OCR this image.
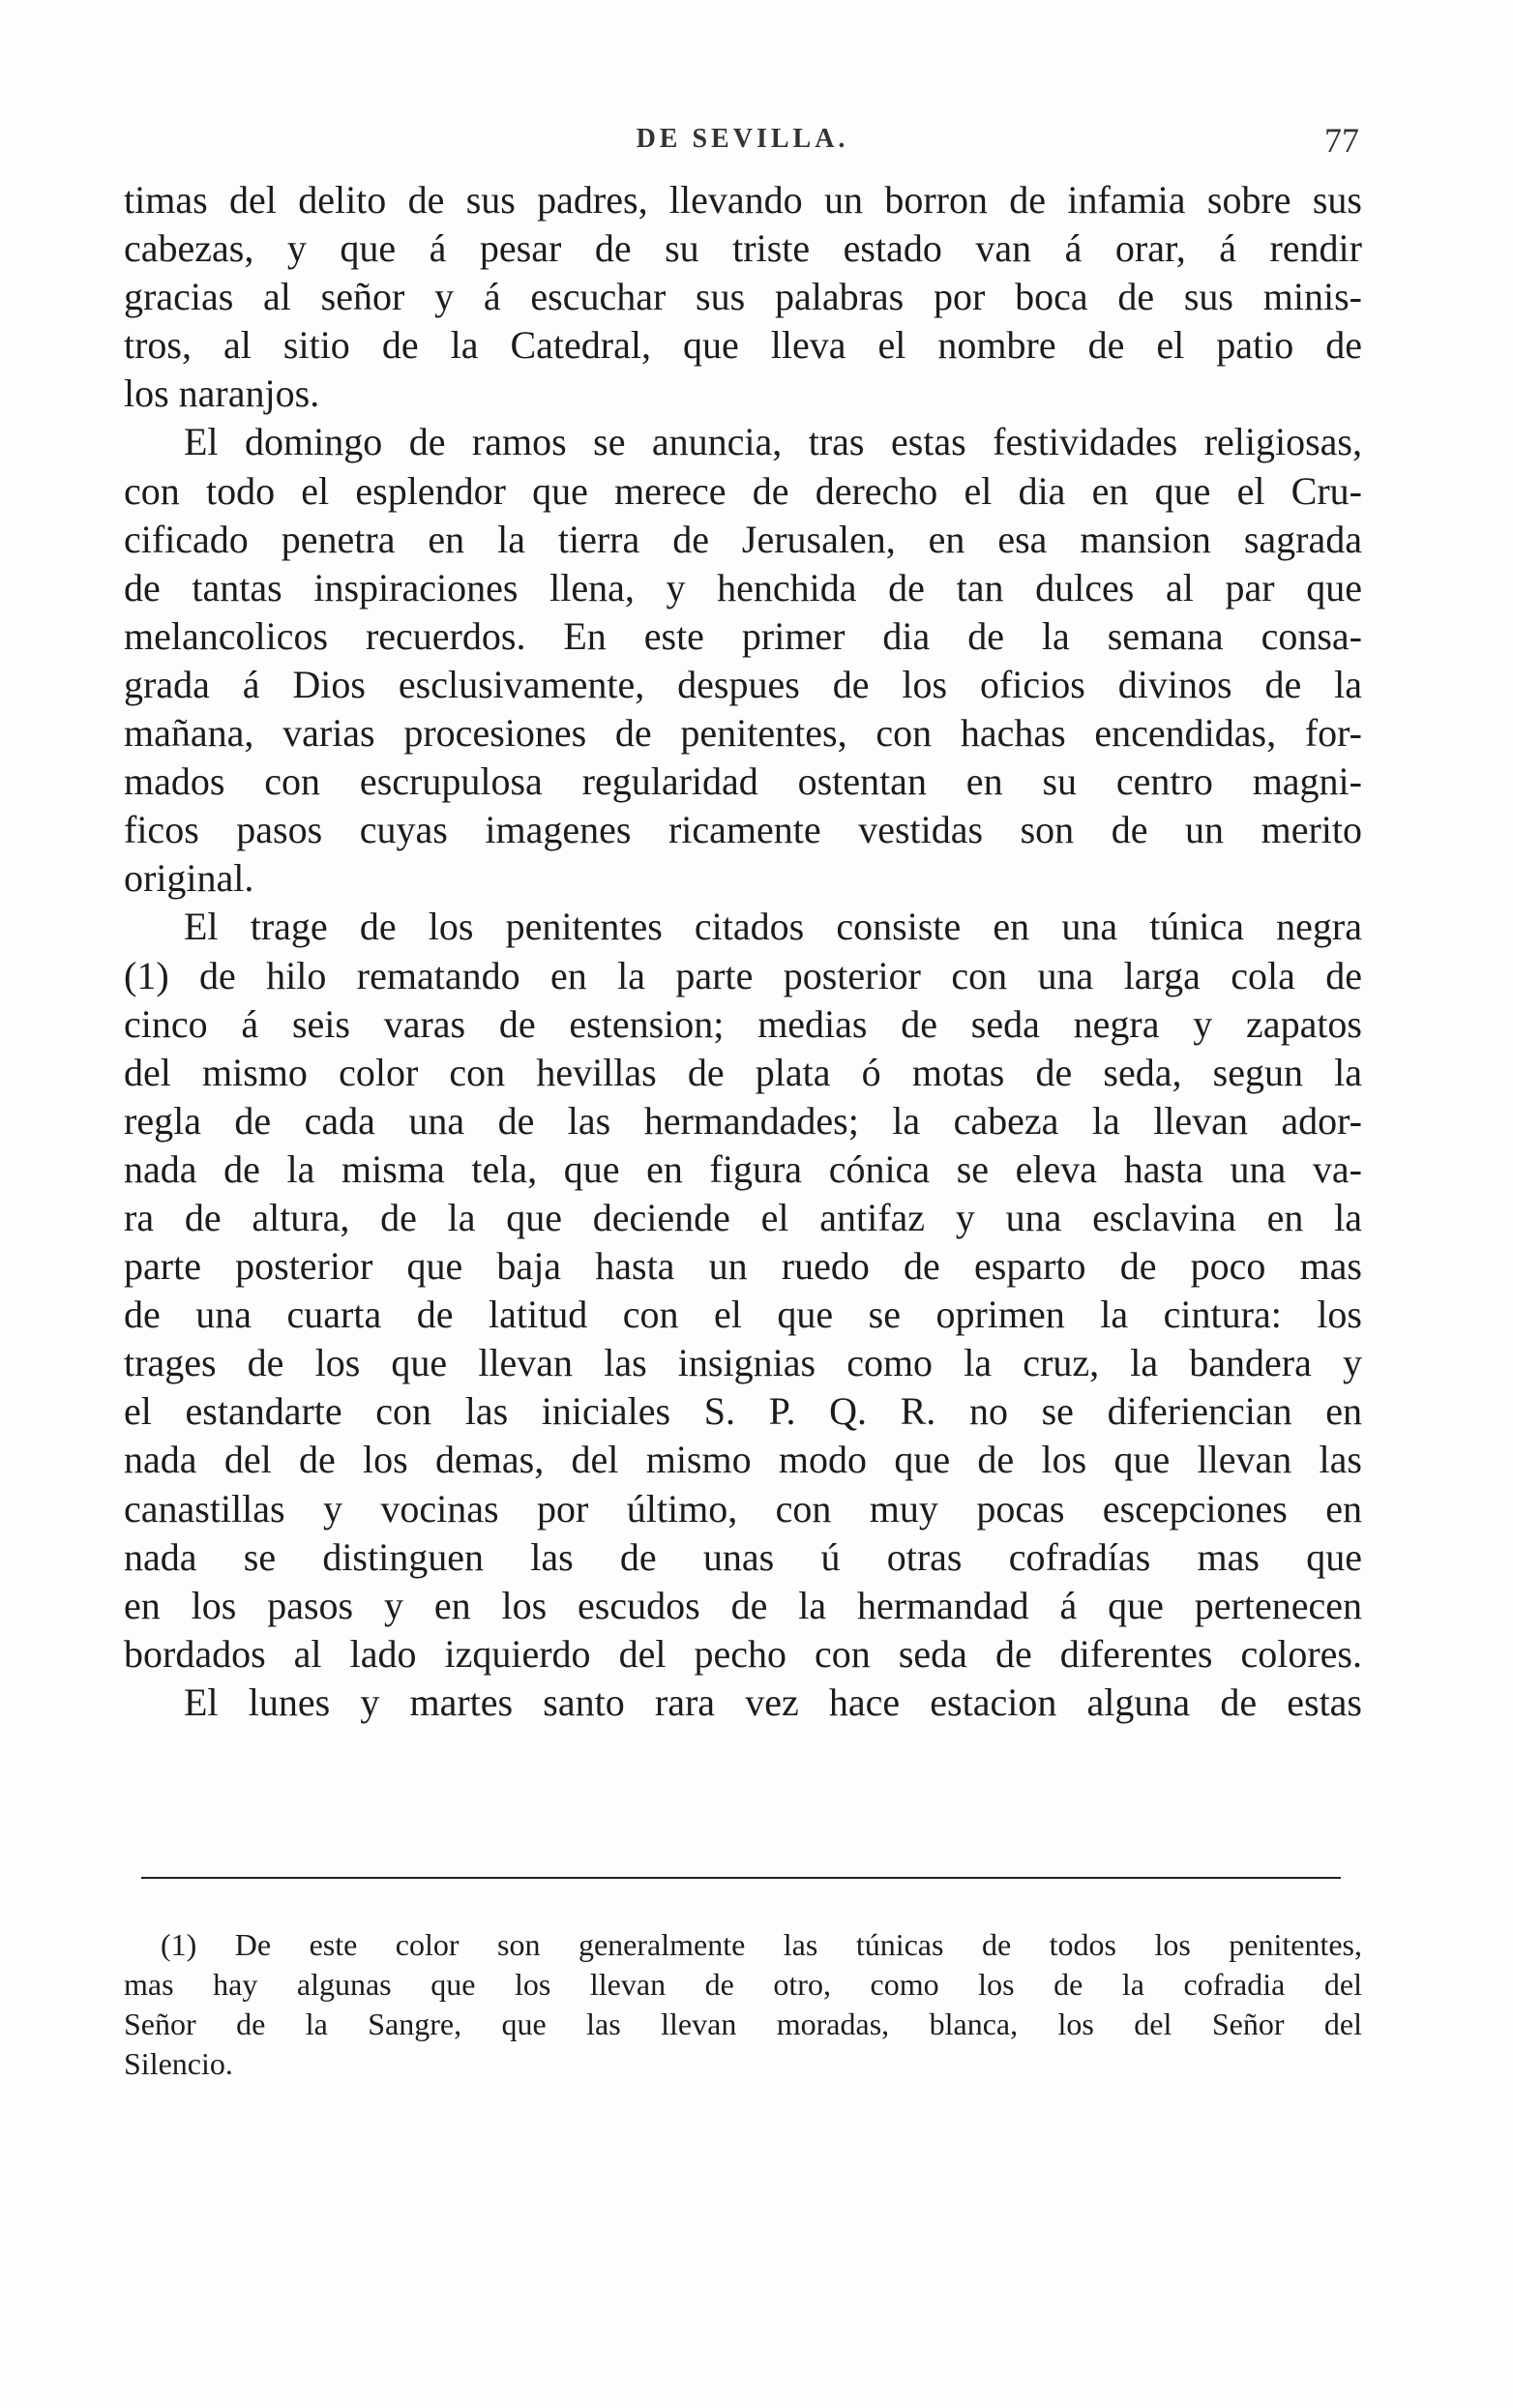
DE SEVILLA.	77
timas del delito de sus padres, llevando un borron de infamia sobre sus
cabezas, y que á pesar de su triste estado van á orar, á rendir
gracias al señor y á escuchar sus palabras por boca de sus minis-
tros, al sitio de la Catedral, que lleva el nombre de el patio de
los naranjos.
El domingo de ramos se anuncia, tras estas festividades religiosas,
con todo el esplendor que merece de derecho el dia en que el Cru-
cificado penetra en la tierra de Jerusalen, en esa mansion sagrada
de tantas inspiraciones llena, y henchida de tan dulces al par que
melancolicos recuerdos. En este primer dia de la semana consa-
grada á Dios esclusivamente, despues de los oficios divinos de la
mañana, varias procesiones de penitentes, con hachas encendidas, for-
mados con escrupulosa regularidad ostentan en su centro magni-
ficos pasos cuyas imagenes ricamente vestidas son de un merito
original.
El trage de los penitentes citados consiste en una túnica negra
(1) de hilo rematando en la parte posterior con una larga cola de
cinco á seis varas de estension; medias de seda negra y zapatos
del mismo color con hevillas de plata ó motas de seda, segun la
regla de cada una de las hermandades; la cabeza la llevan ador-
nada de la misma tela, que en figura cónica se eleva hasta una va-
ra de altura, de la que deciende el antifaz y una esclavina en la
parte posterior que baja hasta un ruedo de esparto de poco mas
de una cuarta de latitud con el que se oprimen la cintura: los
trages de los que llevan las insignias como la cruz, la bandera y
el estandarte con las iniciales S. P. Q. R. no se diferiencian en
nada del de los demas, del mismo modo que de los que llevan las
canastillas y vocinas por último, con muy pocas escepciones en
nada se distinguen las de unas ú otras cofradías mas que
en los pasos y en los escudos de la hermandad á que pertenecen
bordados al lado izquierdo del pecho con seda de diferentes colores.
El lunes y martes santo rara vez hace estacion alguna de estas
(1) De este color son generalmente las túnicas de todos los penitentes,
mas hay algunas que los llevan de otro, como los de la cofradia del
Señor de la Sangre, que las llevan moradas, blanca, los del Señor del
Silencio.
